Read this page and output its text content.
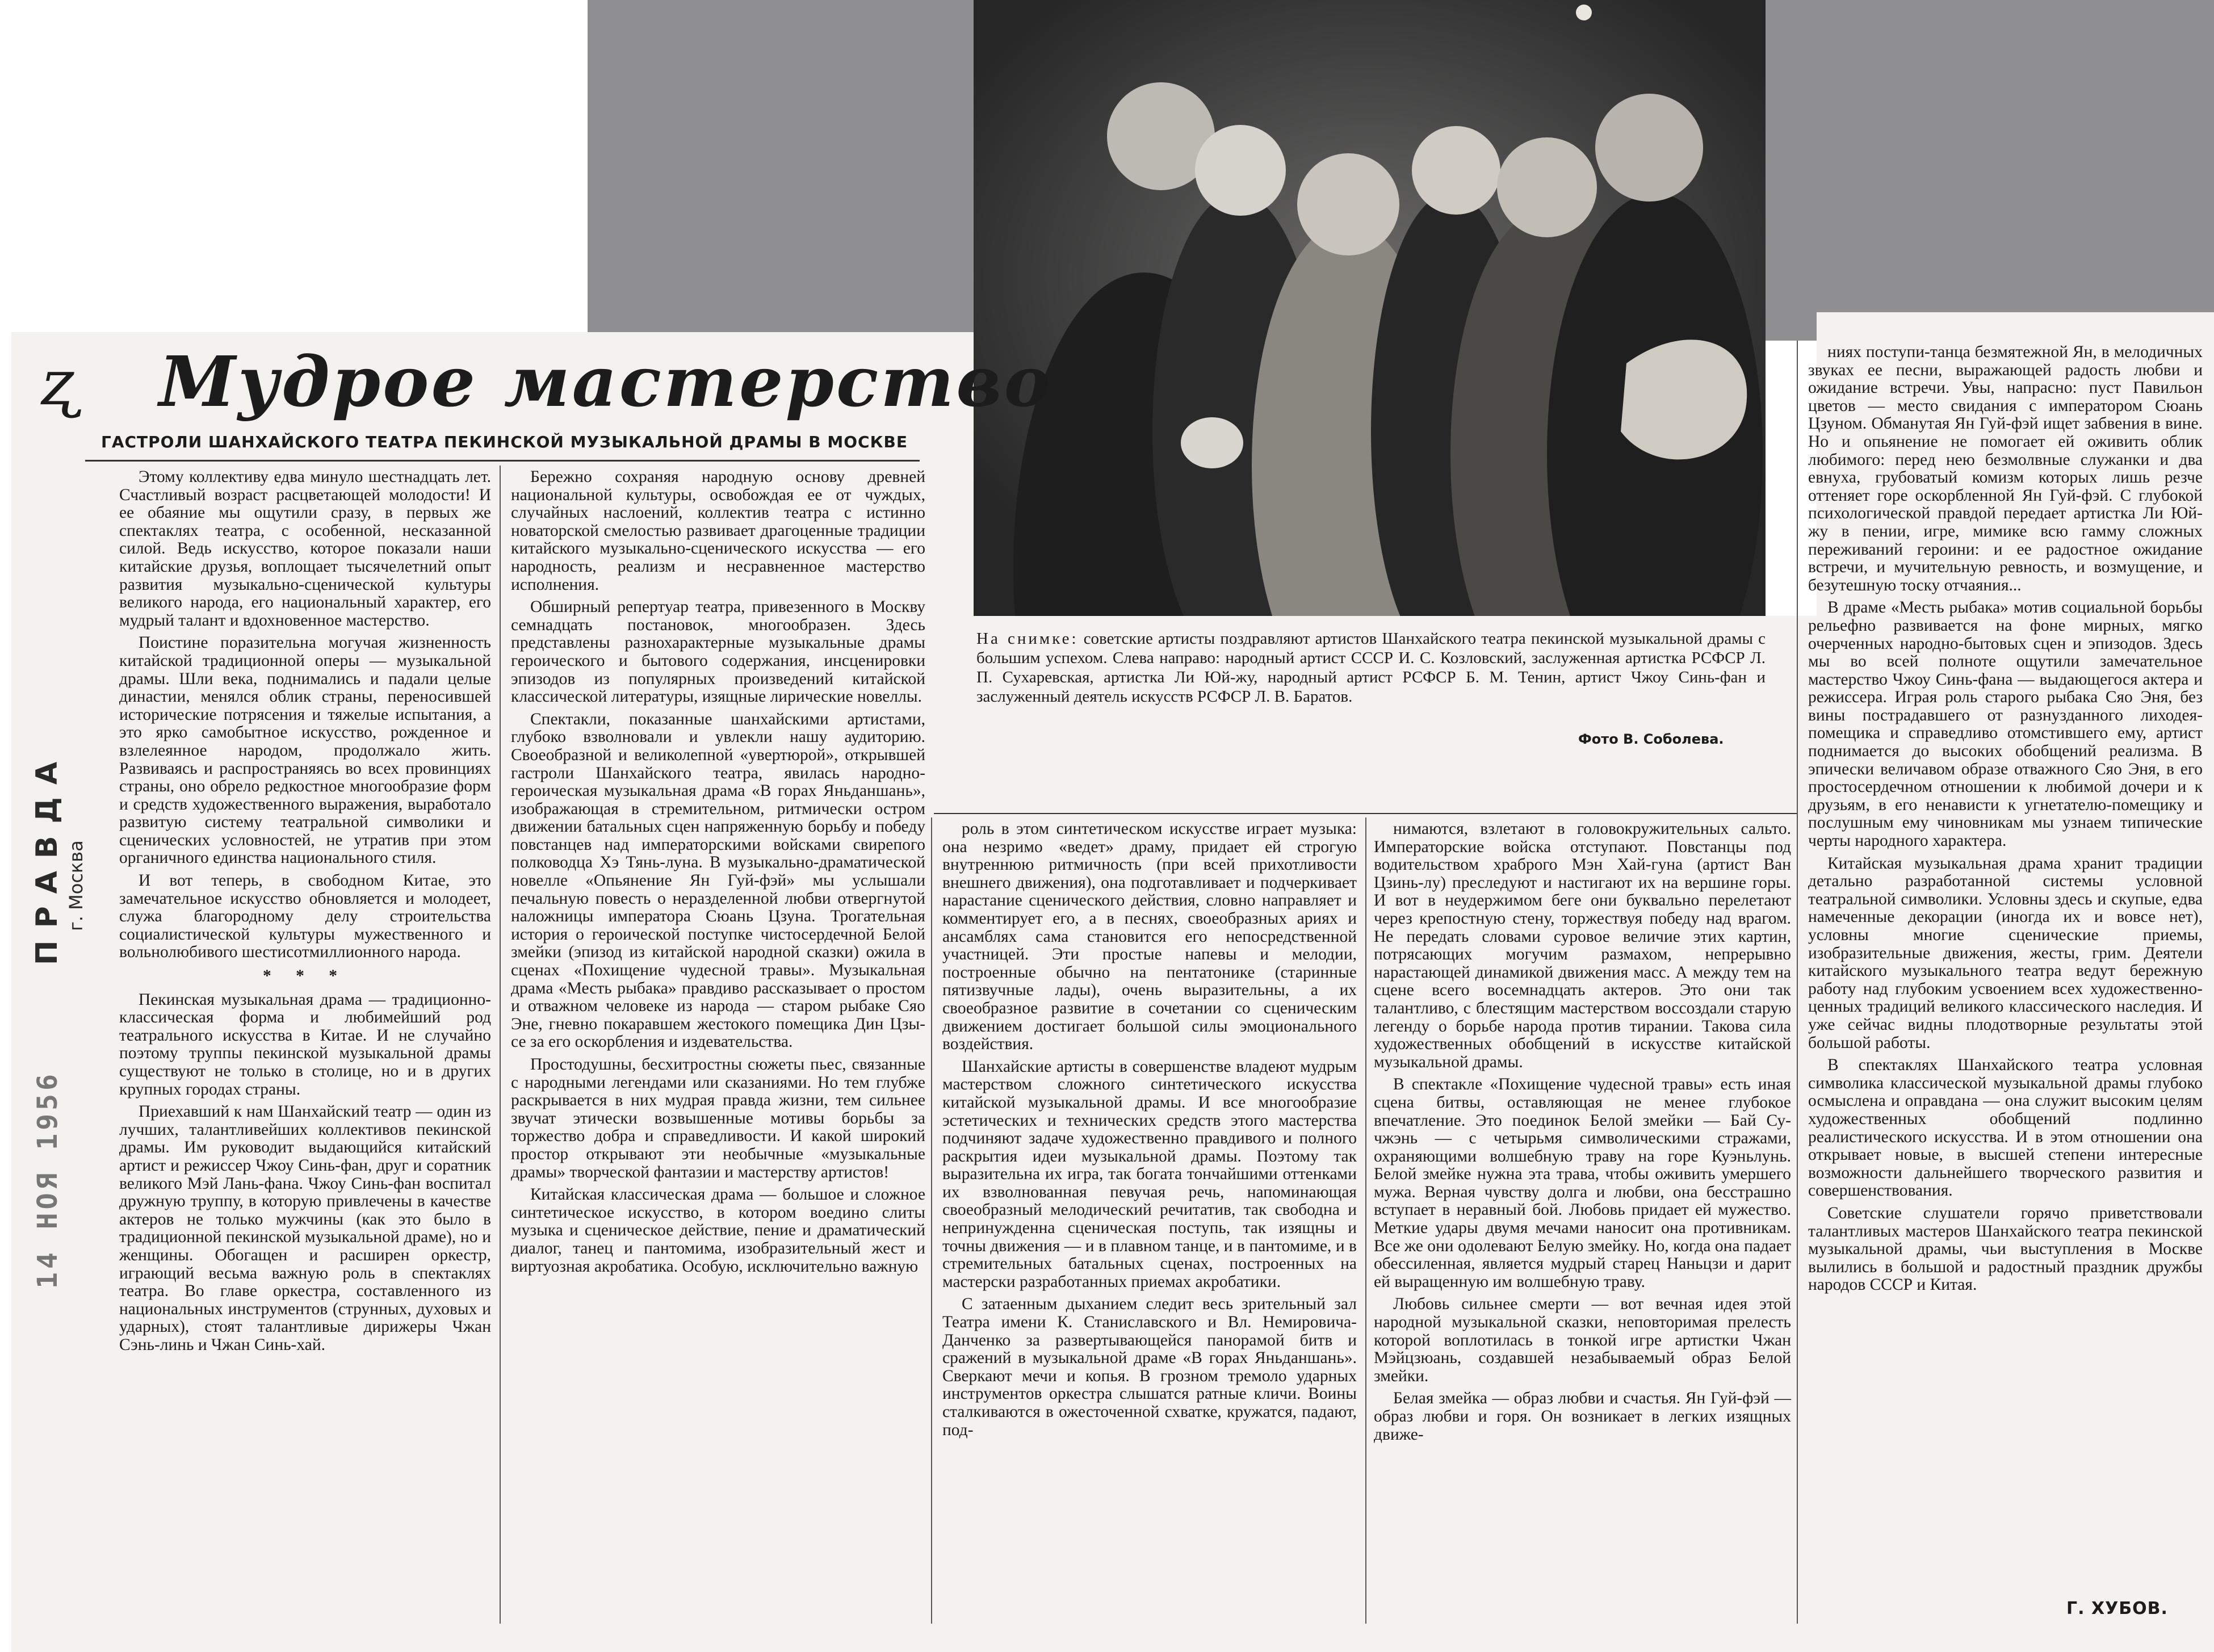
На снимке: советские артисты поздравляют артистов Шанхайского театра пекинской музыкальной драмы с большим успехом. Слева направо: народный артист СССР И. С. Козловский, заслуженная артистка РСФСР Л. П. Сухаревская, артистка Ли Юй-жу, народный артист РСФСР Б. М. Тенин, артист Чжоу Синь-фан и заслуженный деятель искусств РСФСР Л. В. Баратов.
Фото В. Соболева.
ПРАВДА г. Москва
14 НОЯ 1956
ʐ Мудрое мастерство
ГАСТРОЛИ ШАНХАЙСКОГО ТЕАТРА ПЕКИНСКОЙ МУЗЫКАЛЬНОЙ ДРАМЫ В МОСКВЕ

Этому коллективу едва минуло шестнадцать лет. Счастливый возраст расцветающей молодости! И ее обаяние мы ощутили сразу, в первых же спектаклях театра, с особенной, несказанной силой. Ведь искусство, которое показали наши китайские друзья, воплощает тысячелетний опыт развития музыкально-сценической культуры великого народа, его национальный характер, его мудрый талант и вдохновенное мастерство.

Поистине поразительна могучая жизненность китайской традиционной оперы — музыкальной драмы. Шли века, поднимались и падали целые династии, менялся облик страны, переносившей исторические потрясения и тяжелые испытания, а это ярко самобытное искусство, рожденное и взлелеянное народом, продолжало жить. Развиваясь и распространяясь во всех провинциях страны, оно обрело редкостное многообразие форм и средств художественного выражения, выработало развитую систему театральной символики и сценических условностей, не утратив при этом органичного единства национального стиля.

И вот теперь, в свободном Китае, это замечательное искусство обновляется и молодеет, служа благородному делу строительства социалистической культуры мужественного и вольнолюбивого шестисотмиллионного народа.

* * *

Пекинская музыкальная драма — традиционно-классическая форма и любимейший род театрального искусства в Китае. И не случайно поэтому труппы пекинской музыкальной драмы существуют не только в столице, но и в других крупных городах страны.

Приехавший к нам Шанхайский театр — один из лучших, талантливейших коллективов пекинской драмы. Им руководит выдающийся китайский артист и режиссер Чжоу Синь-фан, друг и соратник великого Мэй Лань-фана. Чжоу Синь-фан воспитал дружную труппу, в которую привлечены в качестве актеров не только мужчины (как это было в традиционной пекинской музыкальной драме), но и женщины. Обогащен и расширен оркестр, играющий весьма важную роль в спектаклях театра. Во главе оркестра, составленного из национальных инструментов (струнных, духовых и ударных), стоят талантливые дирижеры Чжан Сэнь-линь и Чжан Синь-хай.

Бережно сохраняя народную основу древней национальной культуры, освобождая ее от чуждых, случайных наслоений, коллектив театра с истинно новаторской смелостью развивает драгоценные традиции китайского музыкально-сценического искусства — его народность, реализм и несравненное мастерство исполнения.

Обширный репертуар театра, привезенного в Москву семнадцать постановок, многообразен. Здесь представлены разнохарактерные музыкальные драмы героического и бытового содержания, инсценировки эпизодов из популярных произведений китайской классической литературы, изящные лирические новеллы.

Спектакли, показанные шанхайскими артистами, глубоко взволновали и увлекли нашу аудиторию. Своеобразной и великолепной «увертюрой», открывшей гастроли Шанхайского театра, явилась народно-героическая музыкальная драма «В горах Яньданшань», изображающая в стремительном, ритмически остром движении батальных сцен напряженную борьбу и победу повстанцев над императорскими войсками свирепого полководца Хэ Тянь-луна. В музыкально-драматической новелле «Опьянение Ян Гуй-фэй» мы услышали печальную повесть о неразделенной любви отвергнутой наложницы императора Сюань Цзуна. Трогательная история о героической поступке чистосердечной Белой змейки (эпизод из китайской народной сказки) ожила в сценах «Похищение чудесной травы». Музыкальная драма «Месть рыбака» правдиво рассказывает о простом и отважном человеке из народа — старом рыбаке Сяо Эне, гневно покаравшем жестокого помещика Дин Цзы-се за его оскорбления и издевательства.

Простодушны, бесхитростны сюжеты пьес, связанные с народными легендами или сказаниями. Но тем глубже раскрывается в них мудрая правда жизни, тем сильнее звучат этически возвышенные мотивы борьбы за торжество добра и справедливости. И какой широкий простор открывают эти необычные «музыкальные драмы» творческой фантазии и мастерству артистов!

Китайская классическая драма — большое и сложное синтетическое искусство, в котором воедино слиты музыка и сценическое действие, пение и драматический диалог, танец и пантомима, изобразительный жест и виртуозная акробатика. Особую, исключительно важную

роль в этом синтетическом искусстве играет музыка: она незримо «ведет» драму, придает ей строгую внутреннюю ритмичность (при всей прихотливости внешнего движения), она подготавливает и подчеркивает нарастание сценического действия, словно направляет и комментирует его, а в песнях, своеобразных ариях и ансамблях сама становится его непосредственной участницей. Эти простые напевы и мелодии, построенные обычно на пентатонике (старинные пятизвучные лады), очень выразительны, а их своеобразное развитие в сочетании со сценическим движением достигает большой силы эмоционального воздействия.

Шанхайские артисты в совершенстве владеют мудрым мастерством сложного синтетического искусства китайской музыкальной драмы. И все многообразие эстетических и технических средств этого мастерства подчиняют задаче художественно правдивого и полного раскрытия идеи музыкальной драмы. Поэтому так выразительна их игра, так богата тончайшими оттенками их взволнованная певучая речь, напоминающая своеобразный мелодический речитатив, так свободна и непринужденна сценическая поступь, так изящны и точны движения — и в плавном танце, и в пантомиме, и в стремительных батальных сценах, построенных на мастерски разработанных приемах акробатики.

С затаенным дыханием следит весь зрительный зал Театра имени К. Станиславского и Вл. Немировича-Данченко за развертывающейся панорамой битв и сражений в музыкальной драме «В горах Яньданшань». Сверкают мечи и копья. В грозном тремоло ударных инструментов оркестра слышатся ратные кличи. Воины сталкиваются в ожесточенной схватке, кружатся, падают, под-

нимаются, взлетают в головокружительных сальто. Императорские войска отступают. Повстанцы под водительством храброго Мэн Хай-гуна (артист Ван Цзинь-лу) преследуют и настигают их на вершине горы. И вот в неудержимом беге они буквально перелетают через крепостную стену, торжествуя победу над врагом. Не передать словами суровое величие этих картин, потрясающих могучим размахом, непрерывно нарастающей динамикой движения масс. А между тем на сцене всего восемнадцать актеров. Это они так талантливо, с блестящим мастерством воссоздали старую легенду о борьбе народа против тирании. Такова сила художественных обобщений в искусстве китайской музыкальной драмы.

В спектакле «Похищение чудесной травы» есть иная сцена битвы, оставляющая не менее глубокое впечатление. Это поединок Белой змейки — Бай Су-чжэнь — с четырьмя символическими стражами, охраняющими волшебную траву на горе Куэньлунь. Белой змейке нужна эта трава, чтобы оживить умершего мужа. Верная чувству долга и любви, она бесстрашно вступает в неравный бой. Любовь придает ей мужество. Меткие удары двумя мечами наносит она противникам. Все же они одолевают Белую змейку. Но, когда она падает обессиленная, является мудрый старец Наньцзи и дарит ей выращенную им волшебную траву.

Любовь сильнее смерти — вот вечная идея этой народной музыкальной сказки, неповторимая прелесть которой воплотилась в тонкой игре артистки Чжан Мэйцзюань, создавшей незабываемый образ Белой змейки.

Белая змейка — образ любви и счастья. Ян Гуй-фэй — образ любви и горя. Он возникает в легких изящных движе-

ниях поступи-танца безмятежной Ян, в мелодичных звуках ее песни, выражающей радость любви и ожидание встречи. Увы, напрасно: пуст Павильон цветов — место свидания с императором Сюань Цзуном. Обманутая Ян Гуй-фэй ищет забвения в вине. Но и опьянение не помогает ей оживить облик любимого: перед нею безмолвные служанки и два евнуха, грубоватый комизм которых лишь резче оттеняет горе оскорбленной Ян Гуй-фэй. С глубокой психологической правдой передает артистка Ли Юй-жу в пении, игре, мимике всю гамму сложных переживаний героини: и ее радостное ожидание встречи, и мучительную ревность, и возмущение, и безутешную тоску отчаяния...

В драме «Месть рыбака» мотив социальной борьбы рельефно развивается на фоне мирных, мягко очерченных народно-бытовых сцен и эпизодов. Здесь мы во всей полноте ощутили замечательное мастерство Чжоу Синь-фана — выдающегося актера и режиссера. Играя роль старого рыбака Сяо Эня, без вины пострадавшего от разнузданного лиходея-помещика и справедливо отомстившего ему, артист поднимается до высоких обобщений реализма. В эпически величавом образе отважного Сяо Эня, в его простосердечном отношении к любимой дочери и к друзьям, в его ненависти к угнетателю-помещику и послушным ему чиновникам мы узнаем типические черты народного характера.

Китайская музыкальная драма хранит традиции детально разработанной системы условной театральной символики. Условны здесь и скупые, едва намеченные декорации (иногда их и вовсе нет), условны многие сценические приемы, изобразительные движения, жесты, грим. Деятели китайского музыкального театра ведут бережную работу над глубоким усвоением всех художественно-ценных традиций великого классического наследия. И уже сейчас видны плодотворные результаты этой большой работы.

В спектаклях Шанхайского театра условная символика классической музыкальной драмы глубоко осмыслена и оправдана — она служит высоким целям художественных обобщений подлинно реалистического искусства. И в этом отношении она открывает новые, в высшей степени интересные возможности дальнейшего творческого развития и совершенствования.

Советские слушатели горячо приветствовали талантливых мастеров Шанхайского театра пекинской музыкальной драмы, чьи выступления в Москве вылились в большой и радостный праздник дружбы народов СССР и Китая.

Г. ХУБОВ.
